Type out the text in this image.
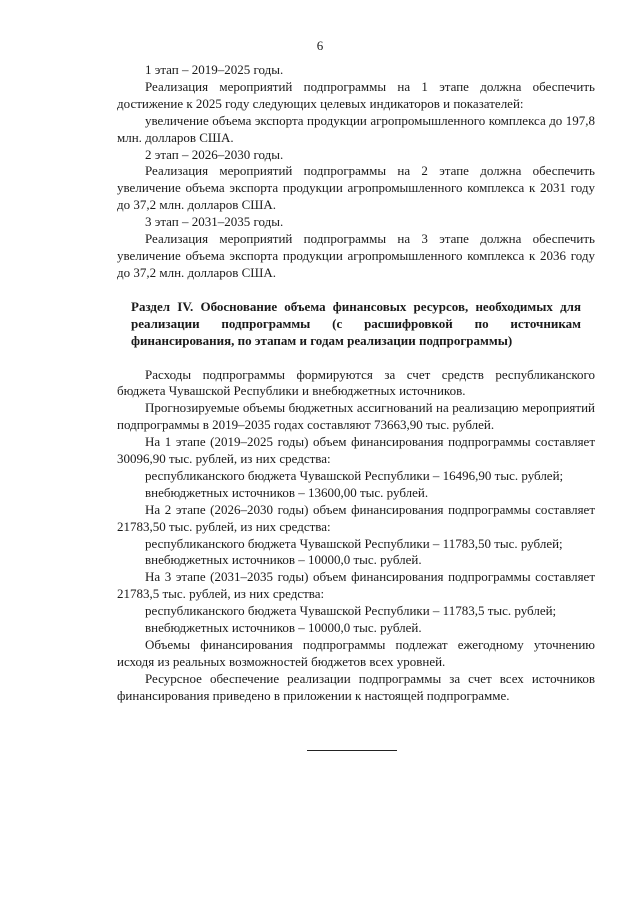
6

1 этап – 2019–2025 годы.

Реализация мероприятий подпрограммы на 1 этапе должна обеспечить достижение к 2025 году следующих целевых индикаторов и показателей:

увеличение объема экспорта продукции агропромышленного комплекса до 197,8 млн. долларов США.

2 этап – 2026–2030 годы.

Реализация мероприятий подпрограммы на 2 этапе должна обеспечить увеличение объема экспорта продукции агропромышленного комплекса к 2031 году до 37,2 млн. долларов США.

3 этап – 2031–2035 годы.

Реализация мероприятий подпрограммы на 3 этапе должна обеспечить увеличение объема экспорта продукции агропромышленного комплекса к 2036 году до 37,2 млн. долларов США.

Раздел IV. Обоснование объема финансовых ресурсов, необходимых для реализации подпрограммы (с расшифровкой по источникам финансирования, по этапам и годам реализации подпрограммы)

Расходы подпрограммы формируются за счет средств республиканского бюджета Чувашской Республики и внебюджетных источников.

Прогнозируемые объемы бюджетных ассигнований на реализацию мероприятий подпрограммы в 2019–2035 годах составляют 73663,90 тыс. рублей.

На 1 этапе (2019–2025 годы) объем финансирования подпрограммы составляет 30096,90 тыс. рублей, из них средства:

республиканского бюджета Чувашской Республики – 16496,90 тыс. рублей;

внебюджетных источников – 13600,00 тыс. рублей.

На 2 этапе (2026–2030 годы) объем финансирования подпрограммы составляет 21783,50 тыс. рублей, из них средства:

республиканского бюджета Чувашской Республики – 11783,50 тыс. рублей;

внебюджетных источников – 10000,0 тыс. рублей.

На 3 этапе (2031–2035 годы) объем финансирования подпрограммы составляет 21783,5 тыс. рублей, из них средства:

республиканского бюджета Чувашской Республики – 11783,5 тыс. рублей;

внебюджетных источников – 10000,0 тыс. рублей.

Объемы финансирования подпрограммы подлежат ежегодному уточнению исходя из реальных возможностей бюджетов всех уровней.

Ресурсное обеспечение реализации подпрограммы за счет всех источников финансирования приведено в приложении к настоящей подпрограмме.
